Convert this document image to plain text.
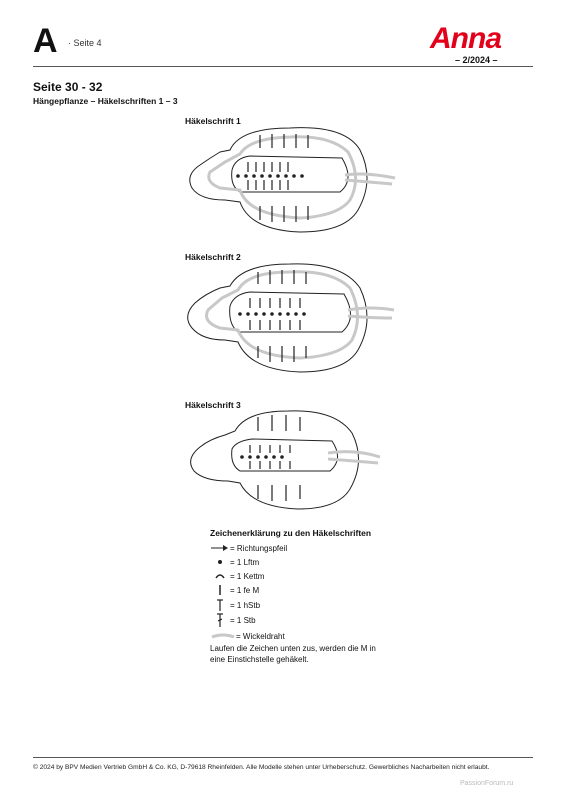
A · Seite 4	Anna
– 2/2024 –
Seite 30 - 32
Hängepflanze – Häkelschriften 1 – 3
Häkelschrift 1
Häkelschrift 2
Häkelschrift 3
Zeichenerklärung zu den Häkelschriften
= Richtungspfeil
= 1 Lftm
= 1 Kettm
= 1 fe M
= 1 hStb
= 1 Stb
= Wickeldraht
Laufen die Zeichen unten zus, werden die M in eine Einstichstelle gehäkelt.
© 2024 by BPV Medien Vertrieb GmbH & Co. KG, D-79618 Rheinfelden. Alle Modelle stehen unter Urheberschutz. Gewerbliches Nacharbeiten nicht erlaubt.
PassionForum.ru
